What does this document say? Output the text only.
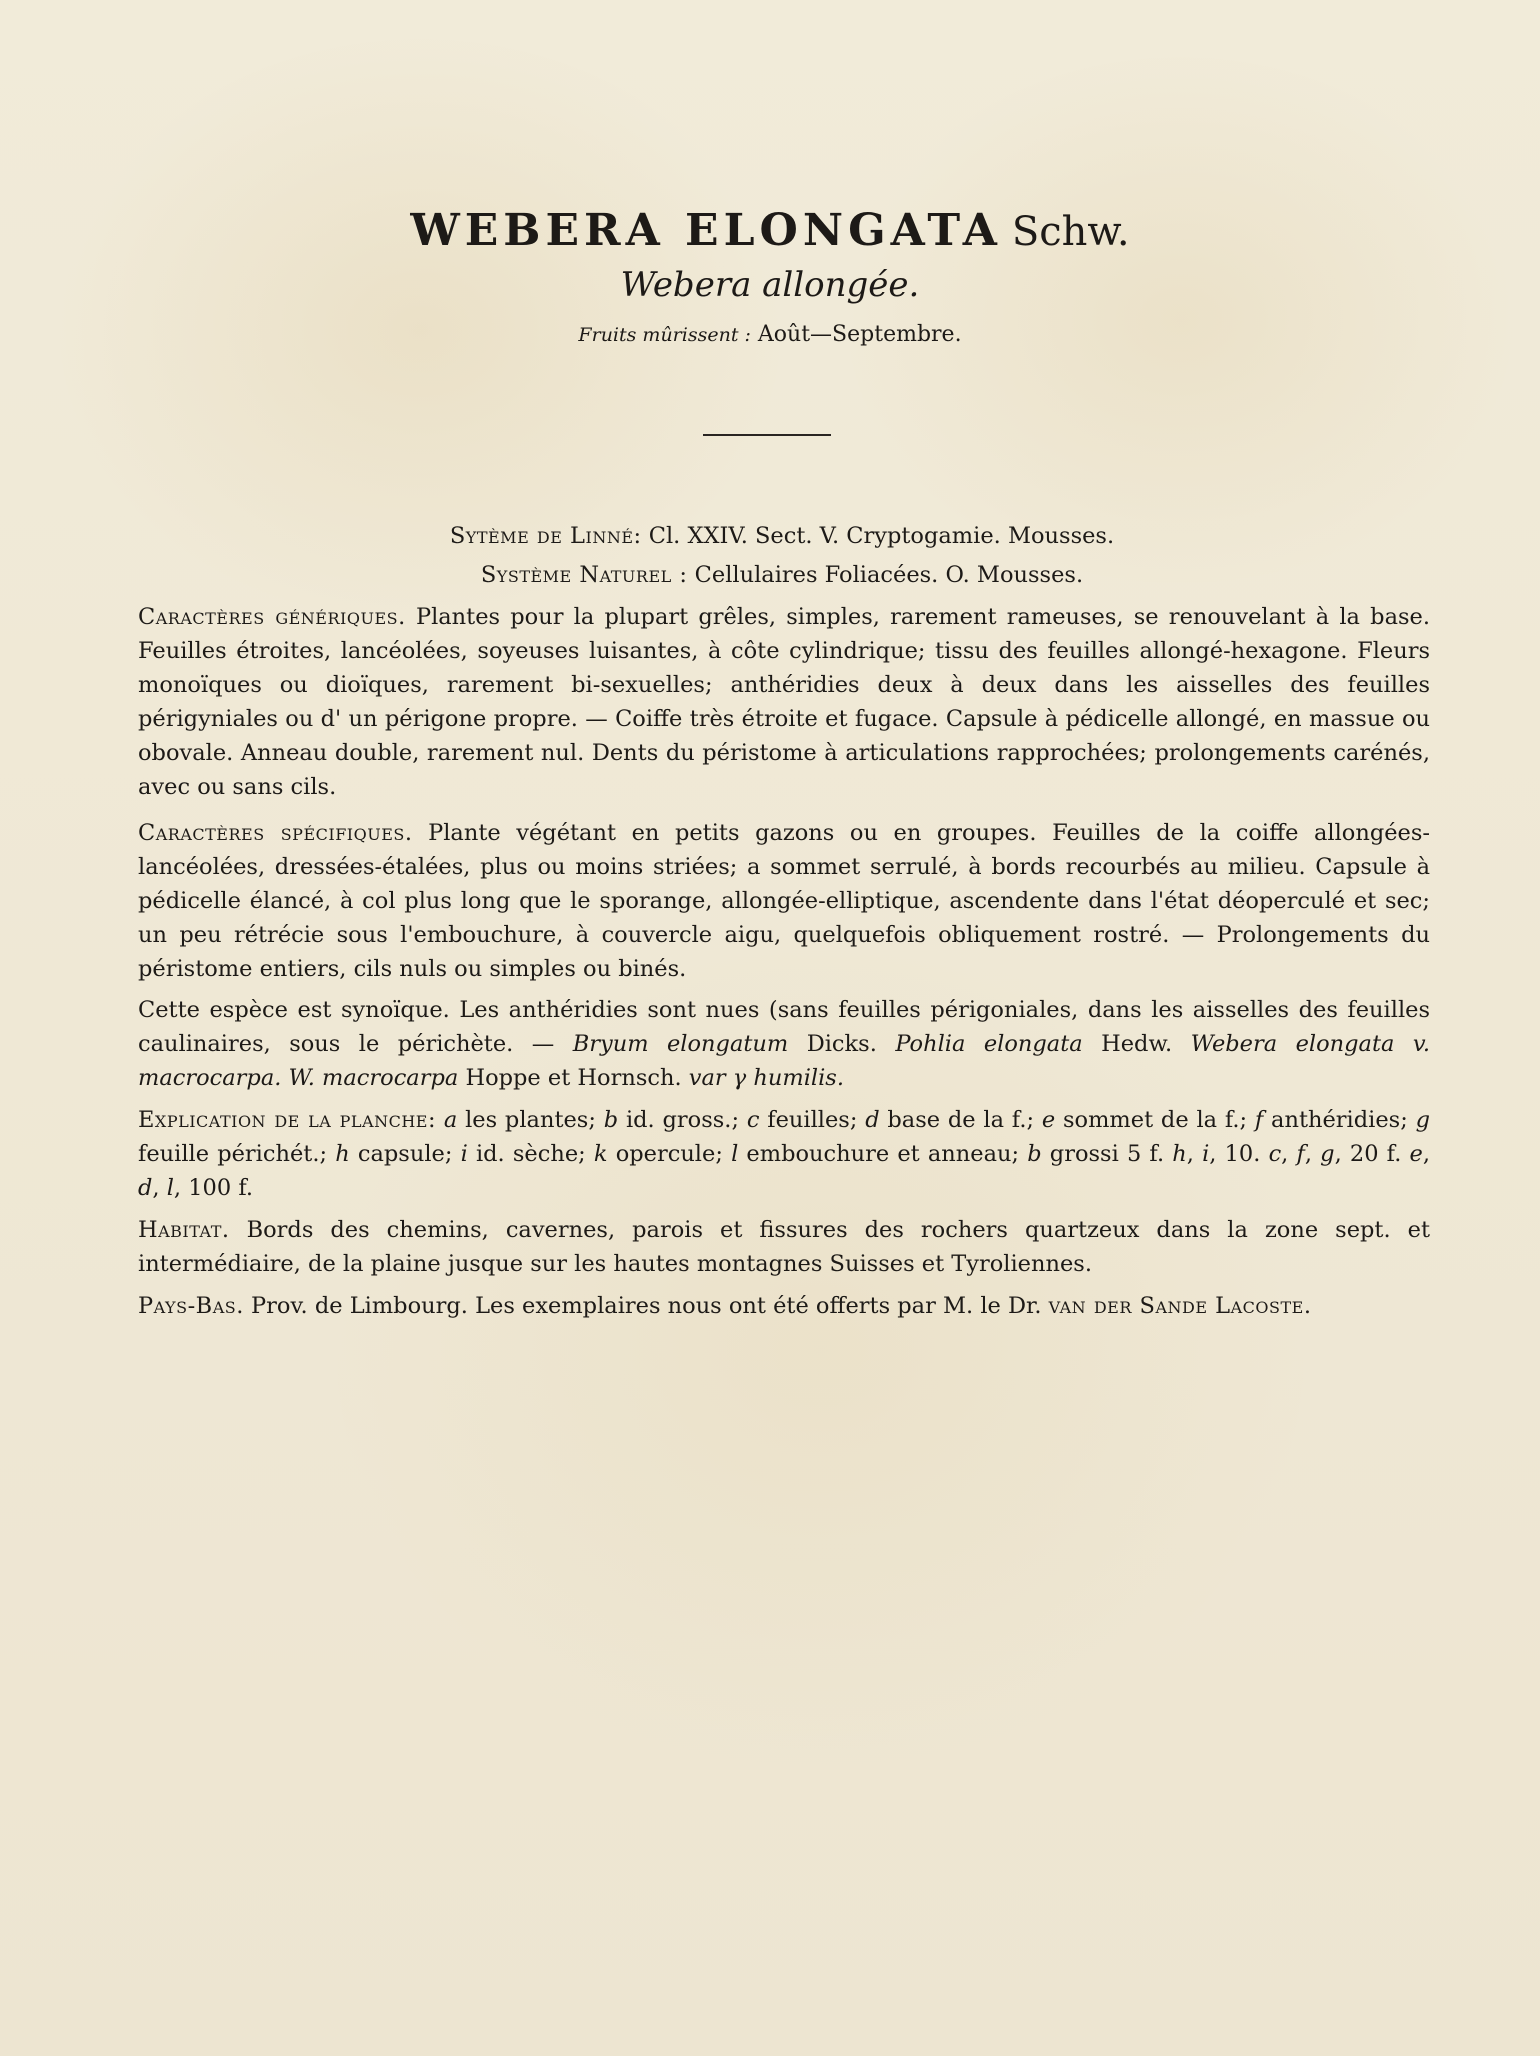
WEBERA ELONGATA Schw.
Webera allongée.
Fruits mûrissent : Août—Septembre.
Sytème de Linné: Cl. XXIV. Sect. V. Cryptogamie. Mousses.
Système Naturel : Cellulaires Foliacées. O. Mousses.

Caractères génériques. Plantes pour la plupart grêles, simples, rarement rameuses, se renouvelant à la base. Feuilles étroites, lancéolées, soyeuses luisantes, à côte cylindrique; tissu des feuilles allongé-hexagone. Fleurs monoïques ou dioïques, rarement bi-sexuelles; anthéridies deux à deux dans les aisselles des feuilles périgyniales ou d' un périgone propre. — Coiffe très étroite et fugace. Capsule à pédicelle allongé, en massue ou obovale. Anneau double, rarement nul. Dents du péristome à articulations rapprochées; prolongements carénés, avec ou sans cils.

Caractères spécifiques. Plante végétant en petits gazons ou en groupes. Feuilles de la coiffe allongées-lancéolées, dressées-étalées, plus ou moins striées; a sommet serrulé, à bords recourbés au milieu. Capsule à pédicelle élancé, à col plus long que le sporange, allongée-elliptique, ascendente dans l'état déoperculé et sec; un peu rétrécie sous l'embouchure, à couvercle aigu, quelquefois obliquement rostré. — Prolongements du péristome entiers, cils nuls ou simples ou binés.

Cette espèce est synoïque. Les anthéridies sont nues (sans feuilles périgoniales, dans les aisselles des feuilles caulinaires, sous le périchète. — Bryum elongatum Dicks. Pohlia elongata Hedw. Webera elongata v. macrocarpa. W. macrocarpa Hoppe et Hornsch. var γ humilis.

Explication de la planche: a les plantes; b id. gross.; c feuilles; d base de la f.; e sommet de la f.; f anthéridies; g feuille périchét.; h capsule; i id. sèche; k opercule; l embouchure et anneau; b grossi 5 f. h, i, 10. c, f, g, 20 f. e, d, l, 100 f.

Habitat. Bords des chemins, cavernes, parois et fissures des rochers quartzeux dans la zone sept. et intermédiaire, de la plaine jusque sur les hautes montagnes Suisses et Tyroliennes.

Pays-Bas. Prov. de Limbourg. Les exemplaires nous ont été offerts par M. le Dr. van der Sande Lacoste.
